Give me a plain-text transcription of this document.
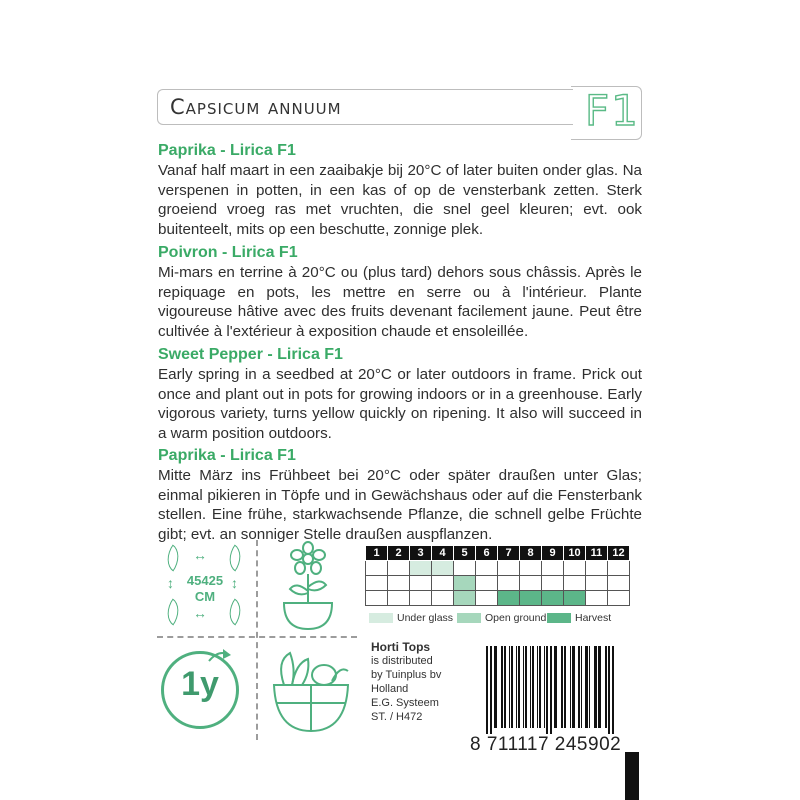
Capsicum annuum	F1
Paprika - Lirica F1
Vanaf half maart in een zaaibakje bij 20°C of later buiten onder glas. Na verspenen in potten, in een kas of op de vensterbank zetten. Sterk groeiend vroeg ras met vruchten, die snel geel kleuren; evt. ook buitenteelt, mits op een beschutte, zonnige plek.
Poivron - Lirica F1
Mi-mars en terrine à 20°C ou (plus tard) dehors sous châssis. Après le repiquage en pots, les mettre en serre ou à l'intérieur. Plante vigoureuse hâtive avec des fruits devenant facilement jaune. Peut être cultivée à l'extérieur à exposition chaude et ensoleillée.
Sweet Pepper - Lirica F1
Early spring in a seedbed at 20°C or later outdoors in frame. Prick out once and plant out in pots for growing indoors or in a greenhouse. Early vigorous variety, turns yellow quickly on ripening. It also will succeed in a warm position outdoors.
Paprika - Lirica F1
Mitte März ins Frühbeet bei 20°C oder später draußen unter Glas; einmal pikieren in Töpfe und in Gewächshaus oder auf die Fensterbank stellen. Eine frühe, starkwachsende Pflanze, die schnell gelbe Früchte gibt; evt. an sonniger Stelle draußen auspflanzen.
↔
↔
↕	↕
45425
CM
1y
1	2	3	4	5	6	7	8	9	10	11	12

Under glass	Open ground	Harvest
Horti Tops
is distributed
by Tuinplus bv
Holland
E.G. Systeem
ST. / H472
8 711117 245902
